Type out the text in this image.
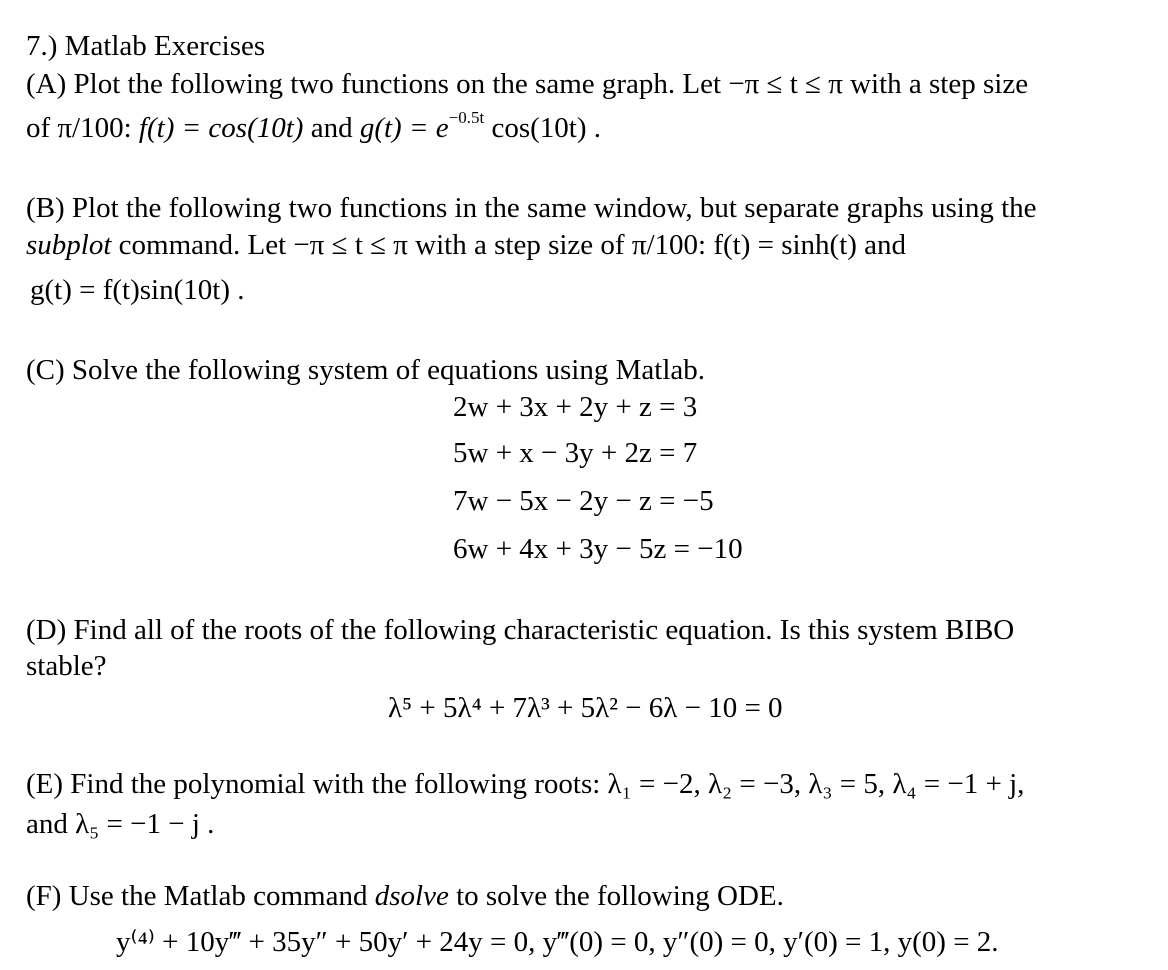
7.) Matlab Exercises
(A) Plot the following two functions on the same graph. Let −π ≤ t ≤ π with a step size
of π/100: f(t) = cos(10t) and $g(t) = e^{-0.5t}$ cos(10t) .
(B) Plot the following two functions in the same window, but separate graphs using the
subplot command. Let −π ≤ t ≤ π with a step size of π/100: f(t) = sinh(t) and
g(t) = f(t)sin(10t) .
(C) Solve the following system of equations using Matlab.
2w + 3x + 2y + z = 3
5w + x − 3y + 2z = 7
7w − 5x − 2y − z = −5
6w + 4x + 3y − 5z = −10
(D) Find all of the roots of the following characteristic equation. Is this system BIBO
stable?
λ⁵ + 5λ⁴ + 7λ³ + 5λ² − 6λ − 10 = 0
(E) Find the polynomial with the following roots: λ₁ = −2, λ₂ = −3, λ₃ = 5, λ₄ = −1 + j,
and λ₅ = −1 − j .
(F) Use the Matlab command dsolve to solve the following ODE.
y⁽⁴⁾ + 10y‴ + 35y″ + 50y′ + 24y = 0, y‴(0) = 0, y″(0) = 0, y′(0) = 1, y(0) = 2.
